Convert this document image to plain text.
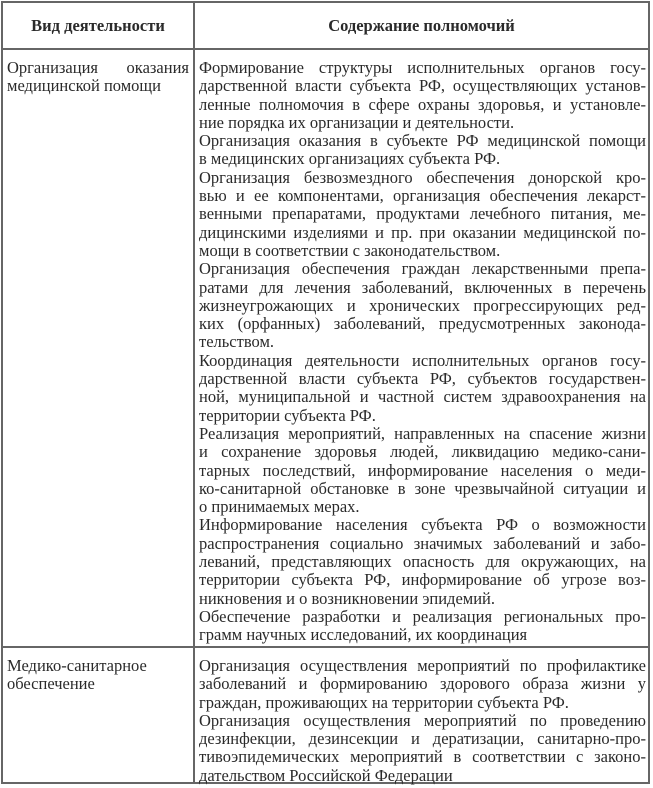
Вид деятельности	Содержание полномочий
Организация оказания
медицинской помощи
Формирование структуры исполнительных органов госу-
дарственной власти субъекта РФ, осуществляющих установ-
ленные полномочия в сфере охраны здоровья, и установле-
ние порядка их организации и деятельности.
Организация оказания в субъекте РФ медицинской помощи
в медицинских организациях субъекта РФ.
Организация безвозмездного обеспечения донорской кро-
вью и ее компонентами, организация обеспечения лекарст-
венными препаратами, продуктами лечебного питания, ме-
дицинскими изделиями и пр. при оказании медицинской по-
мощи в соответствии с законодательством.
Организация обеспечения граждан лекарственными препа-
ратами для лечения заболеваний, включенных в перечень
жизнеугрожающих и хронических прогрессирующих ред-
ких (орфанных) заболеваний, предусмотренных законода-
тельством.
Координация деятельности исполнительных органов госу-
дарственной власти субъекта РФ, субъектов государствен-
ной, муниципальной и частной систем здравоохранения на
территории субъекта РФ.
Реализация мероприятий, направленных на спасение жизни
и сохранение здоровья людей, ликвидацию медико-сани-
тарных последствий, информирование населения о меди-
ко-санитарной обстановке в зоне чрезвычайной ситуации и
о принимаемых мерах.
Информирование населения субъекта РФ о возможности
распространения социально значимых заболеваний и забо-
леваний, представляющих опасность для окружающих, на
территории субъекта РФ, информирование об угрозе воз-
никновения и о возникновении эпидемий.
Обеспечение разработки и реализация региональных про-
грамм научных исследований, их координация
Медико-санитарное
обеспечение
Организация осуществления мероприятий по профилактике
заболеваний и формированию здорового образа жизни у
граждан, проживающих на территории субъекта РФ.
Организация осуществления мероприятий по проведению
дезинфекции, дезинсекции и дератизации, санитарно-про-
тивоэпидемических мероприятий в соответствии с законо-
дательством Российской Федерации
